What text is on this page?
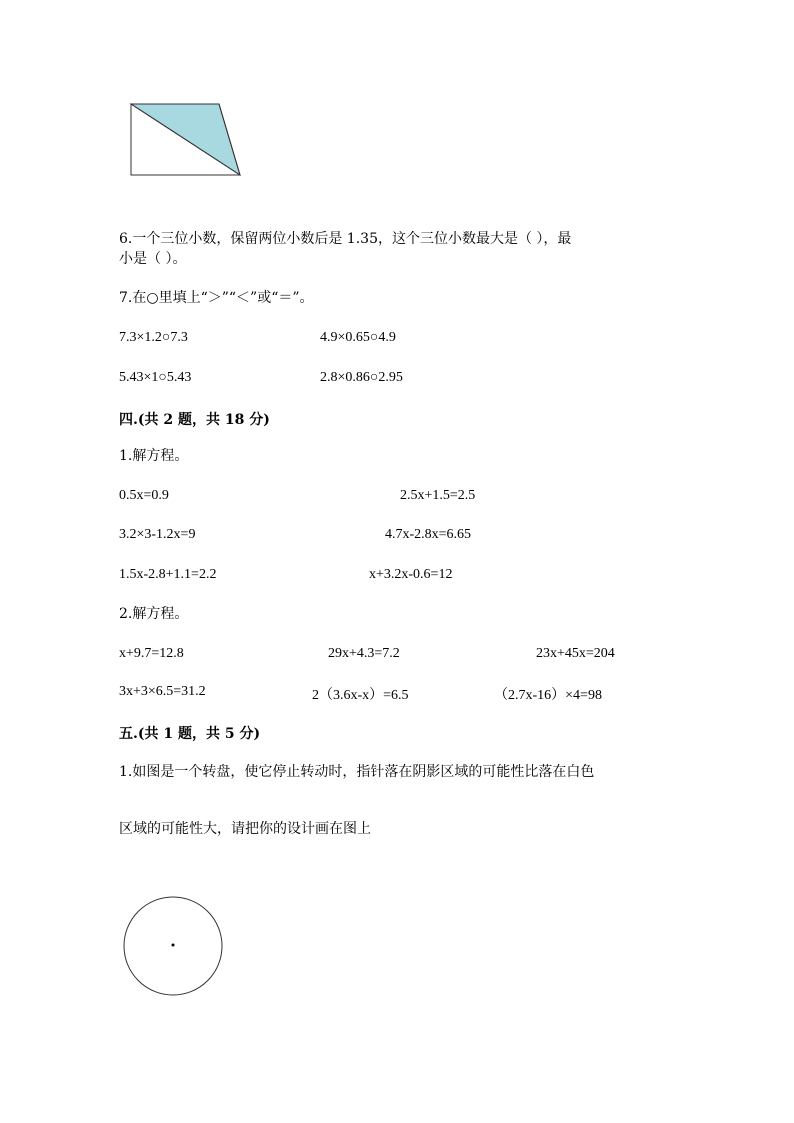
6.一个三位小数，保留两位小数后是 1.35，这个三位小数最大是（ ），最
小是（ ）。
7.在○里填上“＞”“＜”或“＝”。
7.3×1.2○7.3	4.9×0.65○4.9
5.43×1○5.43	2.8×0.86○2.95
四.(共 2 题，共 18 分)
1.解方程。
0.5x=0.9	2.5x+1.5=2.5
3.2×3-1.2x=9	4.7x-2.8x=6.65
1.5x-2.8+1.1=2.2	x+3.2x-0.6=12
2.解方程。
x+9.7=12.8	29x+4.3=7.2	23x+45x=204
3x+3×6.5=31.2	2（3.6x-x）=6.5	（2.7x-16）×4=98
五.(共 1 题，共 5 分)
1.如图是一个转盘，使它停止转动时，指针落在阴影区域的可能性比落在白色
区域的可能性大，请把你的设计画在图上
